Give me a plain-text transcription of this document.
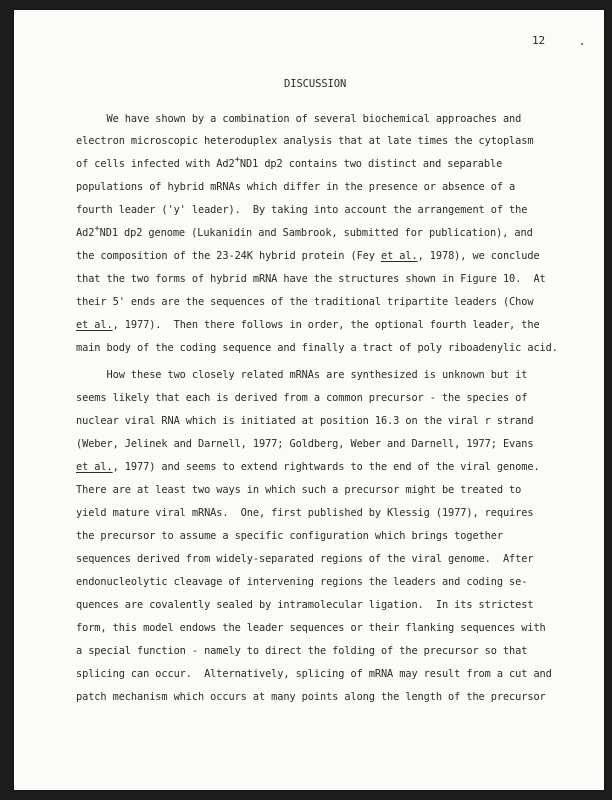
12
DISCUSSION
We have shown by a combination of several biochemical approaches and
electron microscopic heteroduplex analysis that at late times the cytoplasm
of cells infected with Ad2+ND1 dp2 contains two distinct and separable
populations of hybrid mRNAs which differ in the presence or absence of a
fourth leader ('y' leader).  By taking into account the arrangement of the
Ad2+ND1 dp2 genome (Lukanidin and Sambrook, submitted for publication), and
the composition of the 23-24K hybrid protein (Fey et al., 1978), we conclude
that the two forms of hybrid mRNA have the structures shown in Figure 10.  At
their 5' ends are the sequences of the traditional tripartite leaders (Chow
et al., 1977).  Then there follows in order, the optional fourth leader, the
main body of the coding sequence and finally a tract of poly riboadenylic acid.
How these two closely related mRNAs are synthesized is unknown but it
seems likely that each is derived from a common precursor - the species of
nuclear viral RNA which is initiated at position 16.3 on the viral r strand
(Weber, Jelinek and Darnell, 1977; Goldberg, Weber and Darnell, 1977; Evans
et al., 1977) and seems to extend rightwards to the end of the viral genome.
There are at least two ways in which such a precursor might be treated to
yield mature viral mRNAs.  One, first published by Klessig (1977), requires
the precursor to assume a specific configuration which brings together
sequences derived from widely-separated regions of the viral genome.  After
endonucleolytic cleavage of intervening regions the leaders and coding se-
quences are covalently sealed by intramolecular ligation.  In its strictest
form, this model endows the leader sequences or their flanking sequences with
a special function - namely to direct the folding of the precursor so that
splicing can occur.  Alternatively, splicing of mRNA may result from a cut and
patch mechanism which occurs at many points along the length of the precursor
